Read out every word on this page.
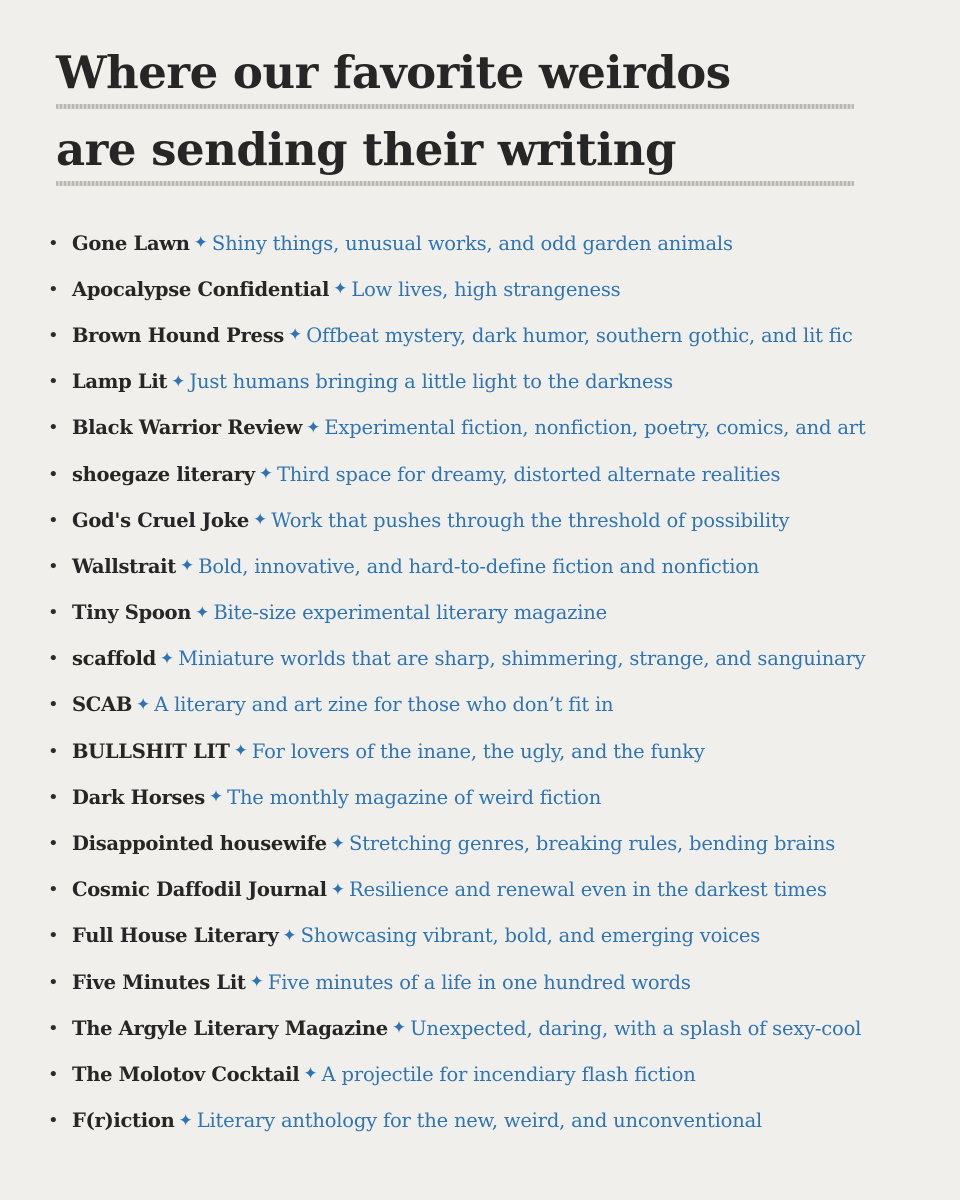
Where our favorite weirdos
are sending their writing
• Gone Lawn ✦ Shiny things, unusual works, and odd garden animals
• Apocalypse Confidential ✦ Low lives, high strangeness
• Brown Hound Press ✦ Offbeat mystery, dark humor, southern gothic, and lit fic
• Lamp Lit ✦ Just humans bringing a little light to the darkness
• Black Warrior Review ✦ Experimental fiction, nonfiction, poetry, comics, and art
• shoegaze literary ✦ Third space for dreamy, distorted alternate realities
• God's Cruel Joke ✦ Work that pushes through the threshold of possibility
• Wallstrait ✦ Bold, innovative, and hard-to-define fiction and nonfiction
• Tiny Spoon ✦ Bite-size experimental literary magazine
• scaffold ✦ Miniature worlds that are sharp, shimmering, strange, and sanguinary
• SCAB ✦ A literary and art zine for those who don’t fit in
• BULLSHIT LIT ✦ For lovers of the inane, the ugly, and the funky
• Dark Horses ✦ The monthly magazine of weird fiction
• Disappointed housewife ✦ Stretching genres, breaking rules, bending brains
• Cosmic Daffodil Journal ✦ Resilience and renewal even in the darkest times
• Full House Literary ✦ Showcasing vibrant, bold, and emerging voices
• Five Minutes Lit ✦ Five minutes of a life in one hundred words
• The Argyle Literary Magazine ✦ Unexpected, daring, with a splash of sexy-cool
• The Molotov Cocktail ✦ A projectile for incendiary flash fiction
• F(r)iction ✦ Literary anthology for the new, weird, and unconventional
